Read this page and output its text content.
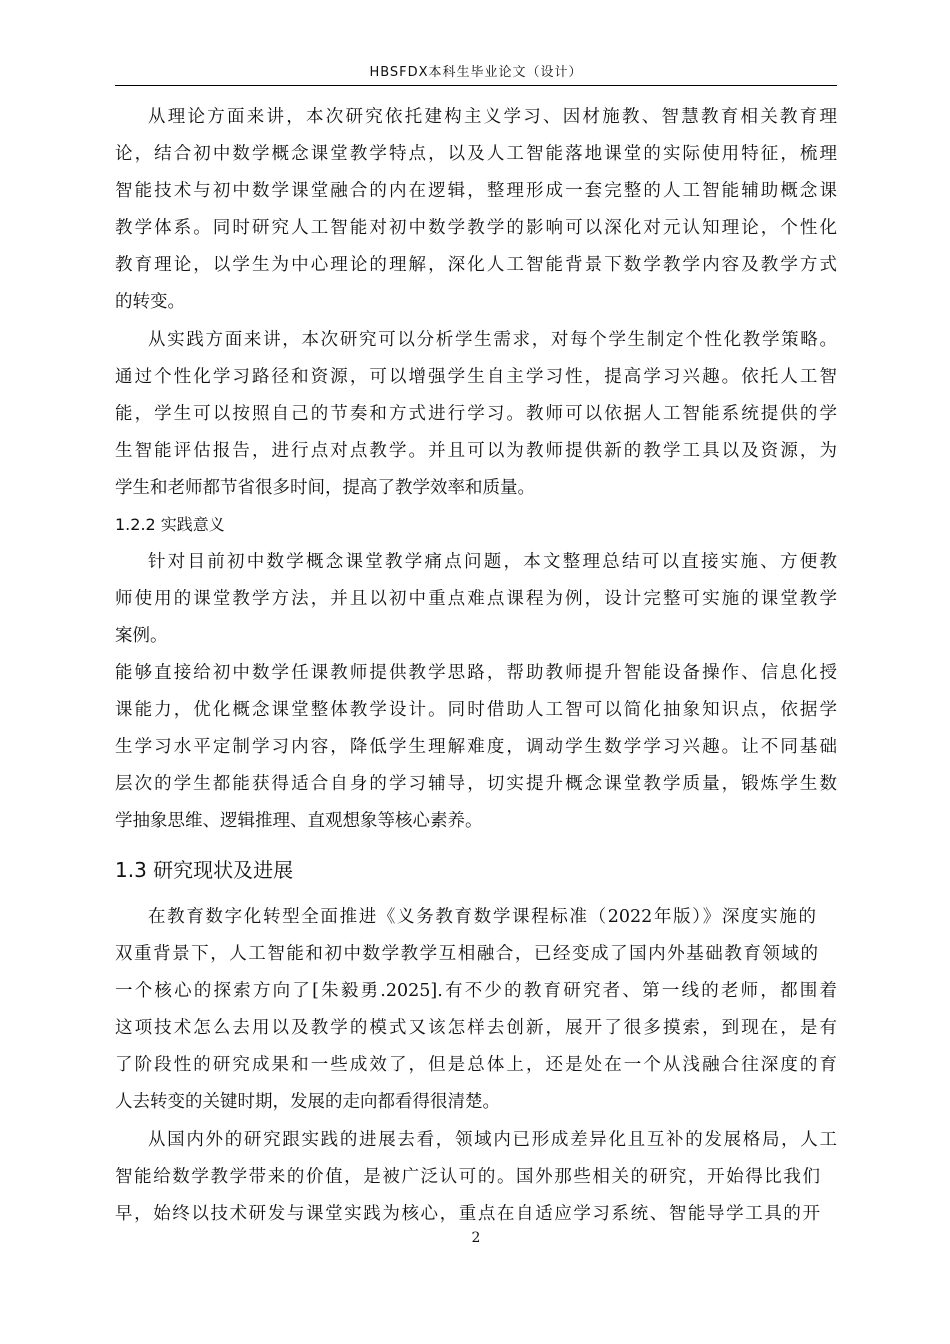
HBSFDX本科生毕业论文（设计）

从理论方面来讲，本次研究依托建构主义学习、因材施教、智慧教育相关教育理

论，结合初中数学概念课堂教学特点，以及人工智能落地课堂的实际使用特征，梳理

智能技术与初中数学课堂融合的内在逻辑，整理形成一套完整的人工智能辅助概念课

教学体系。同时研究人工智能对初中数学教学的影响可以深化对元认知理论，个性化

教育理论，以学生为中心理论的理解，深化人工智能背景下数学教学内容及教学方式

的转变。

从实践方面来讲，本次研究可以分析学生需求，对每个学生制定个性化教学策略。

通过个性化学习路径和资源，可以增强学生自主学习性，提高学习兴趣。依托人工智

能，学生可以按照自己的节奏和方式进行学习。教师可以依据人工智能系统提供的学

生智能评估报告，进行点对点教学。并且可以为教师提供新的教学工具以及资源，为

学生和老师都节省很多时间，提高了教学效率和质量。

1.2.2 实践意义

针对目前初中数学概念课堂教学痛点问题，本文整理总结可以直接实施、方便教

师使用的课堂教学方法，并且以初中重点难点课程为例，设计完整可实施的课堂教学

案例。

能够直接给初中数学任课教师提供教学思路，帮助教师提升智能设备操作、信息化授

课能力，优化概念课堂整体教学设计。同时借助人工智可以简化抽象知识点，依据学

生学习水平定制学习内容，降低学生理解难度，调动学生数学学习兴趣。让不同基础

层次的学生都能获得适合自身的学习辅导，切实提升概念课堂教学质量，锻炼学生数

学抽象思维、逻辑推理、直观想象等核心素养。

1.3 研究现状及进展

在教育数字化转型全面推进《义务教育数学课程标准（2022年版）》深度实施的

双重背景下，人工智能和初中数学教学互相融合，已经变成了国内外基础教育领域的

一个核心的探索方向了[朱毅勇.2025].有不少的教育研究者、第一线的老师，都围着

这项技术怎么去用以及教学的模式又该怎样去创新，展开了很多摸索，到现在，是有

了阶段性的研究成果和一些成效了，但是总体上，还是处在一个从浅融合往深度的育

人去转变的关键时期，发展的走向都看得很清楚。

从国内外的研究跟实践的进展去看，领域内已形成差异化且互补的发展格局，人工

智能给数学教学带来的价值，是被广泛认可的。国外那些相关的研究，开始得比我们

早，始终以技术研发与课堂实践为核心，重点在自适应学习系统、智能导学工具的开

2
